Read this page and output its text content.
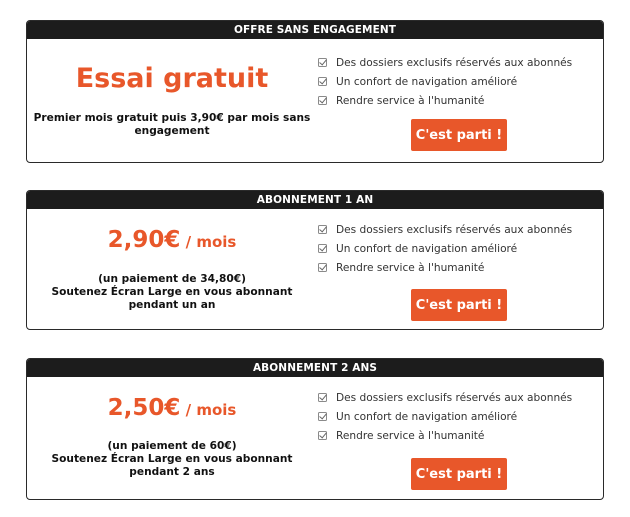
OFFRE SANS ENGAGEMENT
Essai gratuit
Premier mois gratuit puis 3,90€ par mois sans
engagement
Des dossiers exclusifs réservés aux abonnés
Un confort de navigation amélioré
Rendre service à l'humanité
C'est parti !
ABONNEMENT 1 AN
2,90€ / mois
(un paiement de 34,80€)
Soutenez Écran Large en vous abonnant
pendant un an
Des dossiers exclusifs réservés aux abonnés
Un confort de navigation amélioré
Rendre service à l'humanité
C'est parti !
ABONNEMENT 2 ANS
2,50€ / mois
(un paiement de 60€)
Soutenez Écran Large en vous abonnant
pendant 2 ans
Des dossiers exclusifs réservés aux abonnés
Un confort de navigation amélioré
Rendre service à l'humanité
C'est parti !
